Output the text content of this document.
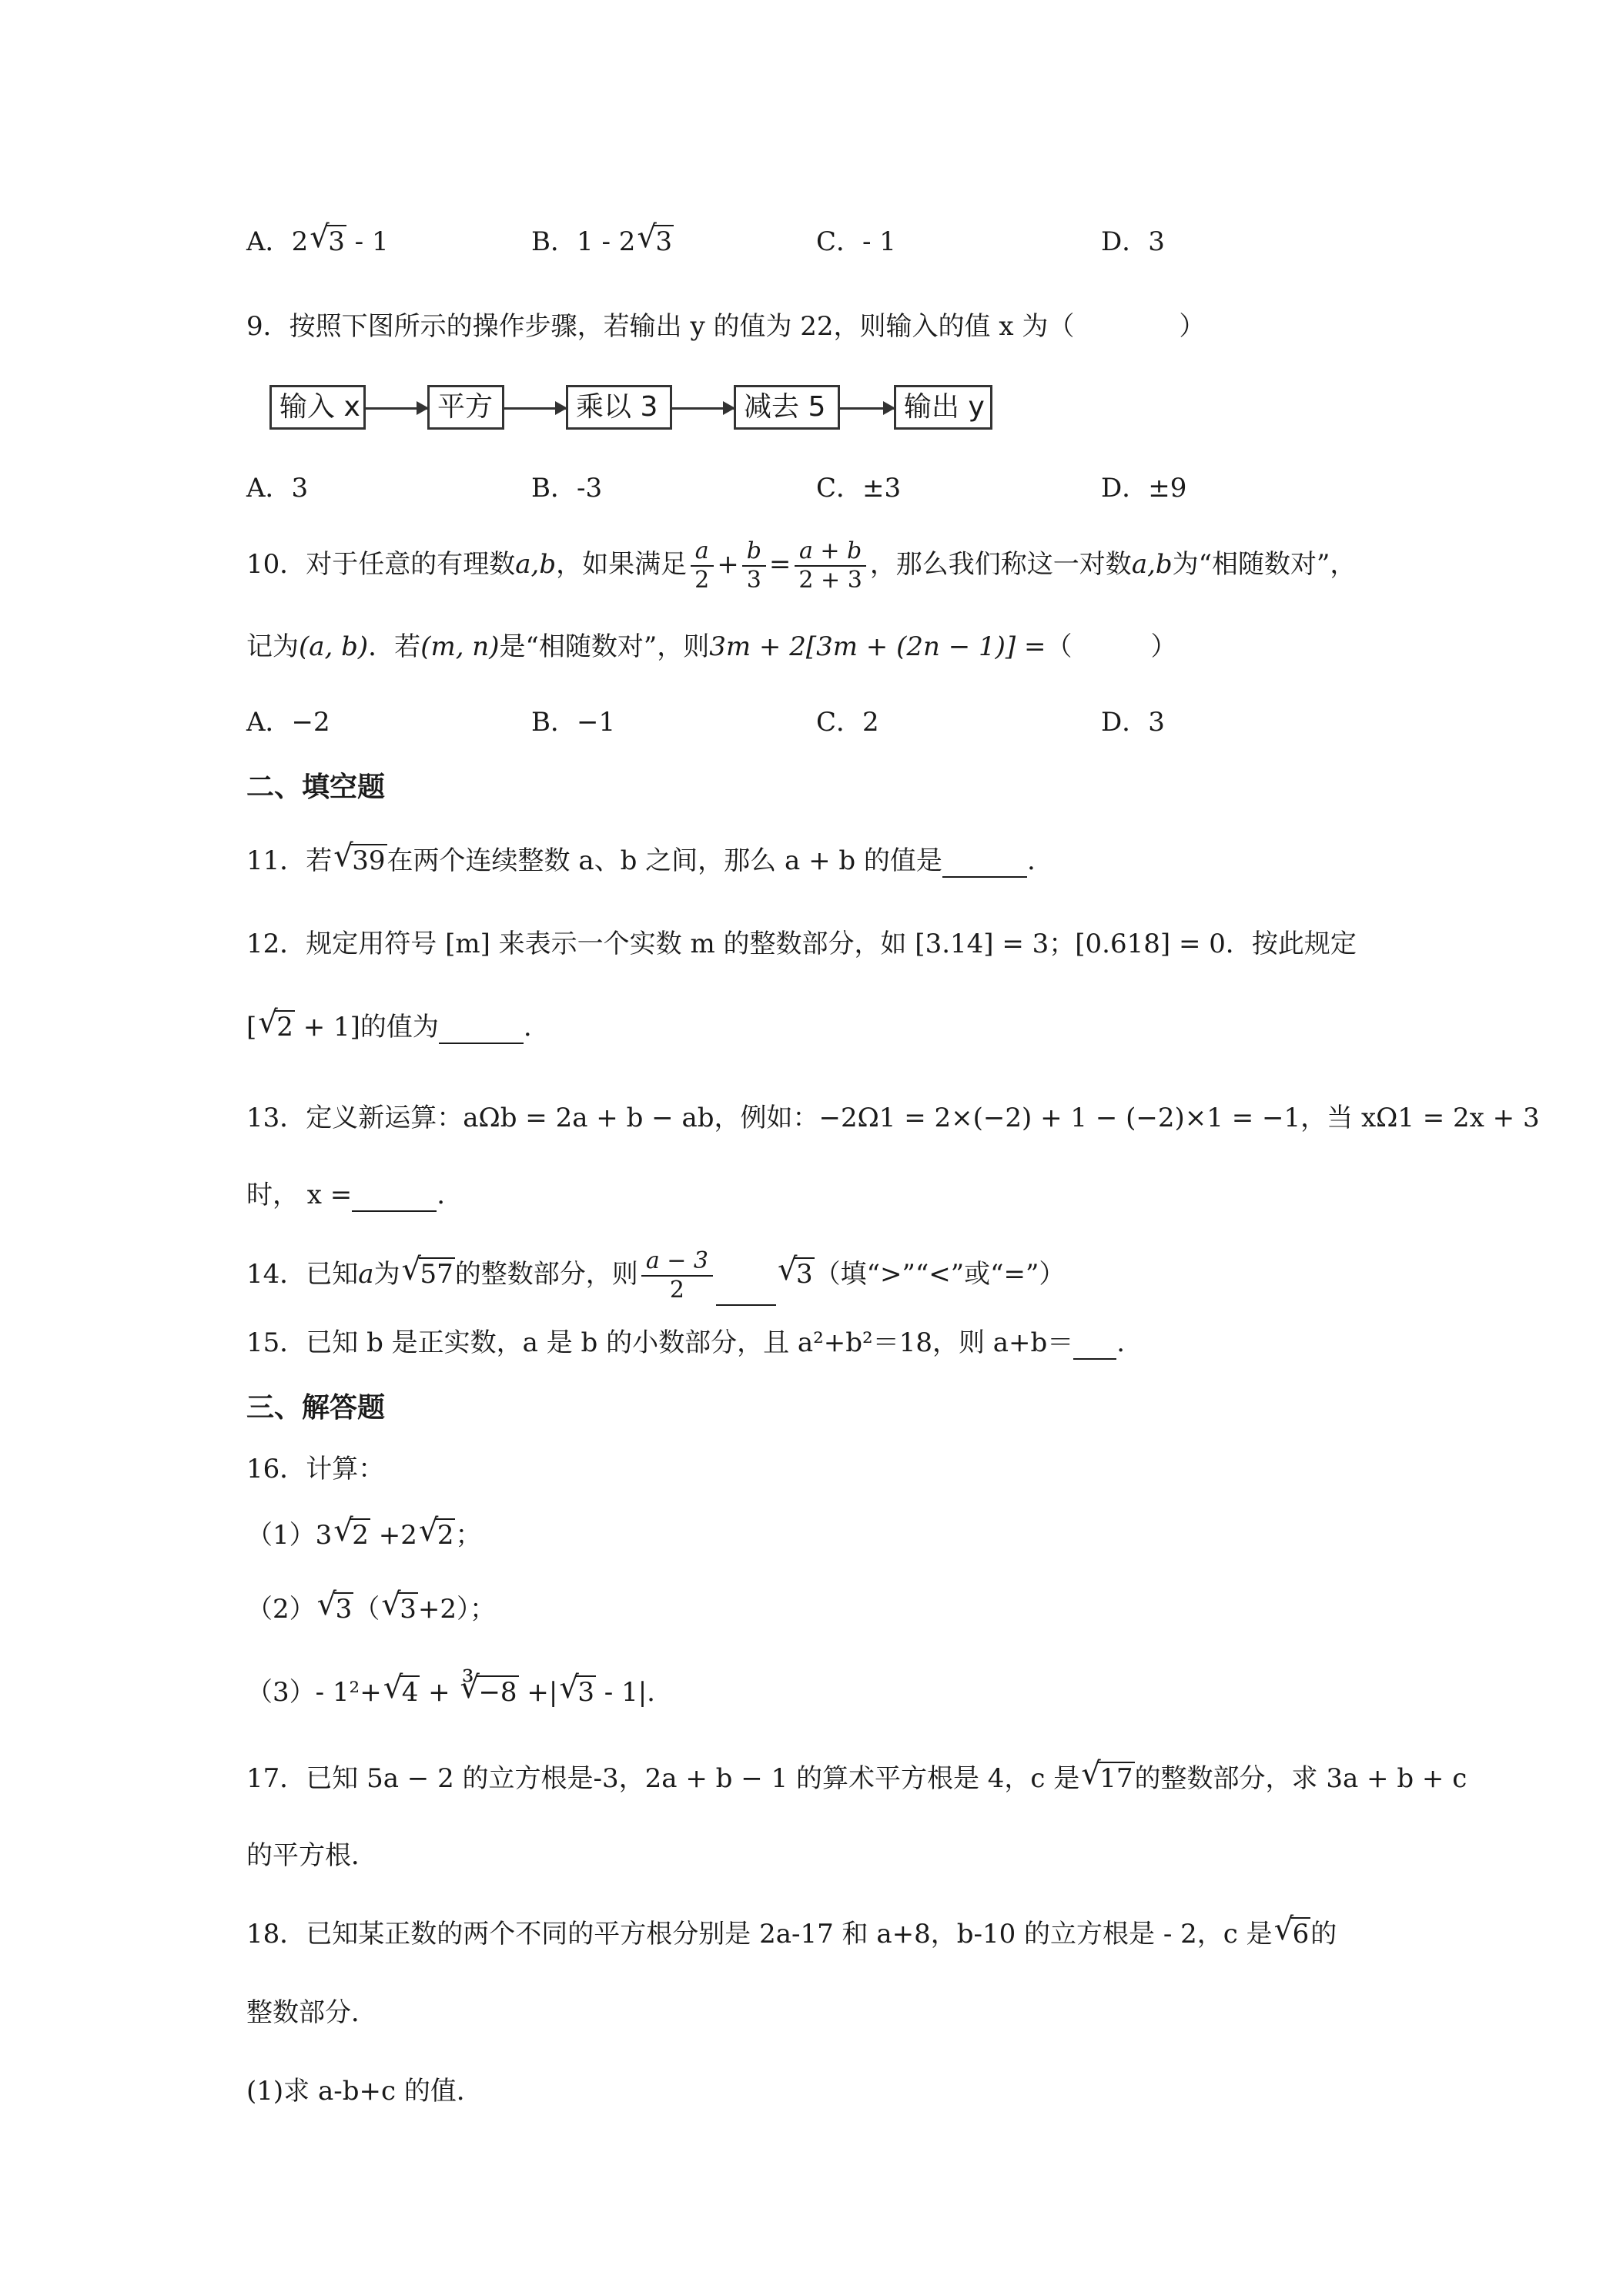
A．2 √
3 ‐ 1	B．1 ‐ 2 √
3	C．‐ 1	D．3
9．按照下图所示的操作步骤，若输出 y 的值为 22，则输入的值 x 为（　　　　）
输入 x	平方	乘以 3	减去 5	输出 y
A．3	B．-3	C．±3	D．±9
10．对于任意的有理数a,b，如果满足 $\frac{a}{2} + \frac{b}{3} = \frac{a + b}{2 + 3}$ ，那么我们称这一对数a,b为“相随数对”，
记为(a, b)．若(m, n)是“相随数对”，则3m + 2[3m + (2n − 1)] =（　　　）
A．−2	B．−1	C．2	D．3
二、填空题
11．若 √
39在两个连续整数 a、b 之间，那么 a + b 的值是	.
12．规定用符号 [m] 来表示一个实数 m 的整数部分，如 [3.14] = 3；[0.618] = 0．按此规定
[ √
2 + 1]的值为	.
13．定义新运算：aΩb = 2a + b − ab，例如：−2Ω1 = 2×(−2) + 1 − (−2)×1 = −1，当 xΩ1 = 2x + 3
时， x =	.
14．已知a为 √
57的整数部分，则 $\frac{a - 3}{2}$ √
3（填“>”“<”或“=”）
15．已知 b 是正实数，a 是 b 的小数部分，且 a²+b²＝18，则 a+b＝ .
三、解答题
16．计算：
（1）3 √
2 +2 √
2；
（2） √
3（ √
3+2）；
（3）‐ 1²+ √
4 + ∛
−8 +| √
3 ‐ 1|.
17．已知 5a − 2 的立方根是-3，2a + b − 1 的算术平方根是 4，c 是 √
17的整数部分，求 3a + b + c
的平方根．
18．已知某正数的两个不同的平方根分别是 2a-17 和 a+8，b-10 的立方根是 ‐ 2，c 是 √
6的
整数部分．
(1)求 a-b+c 的值．
